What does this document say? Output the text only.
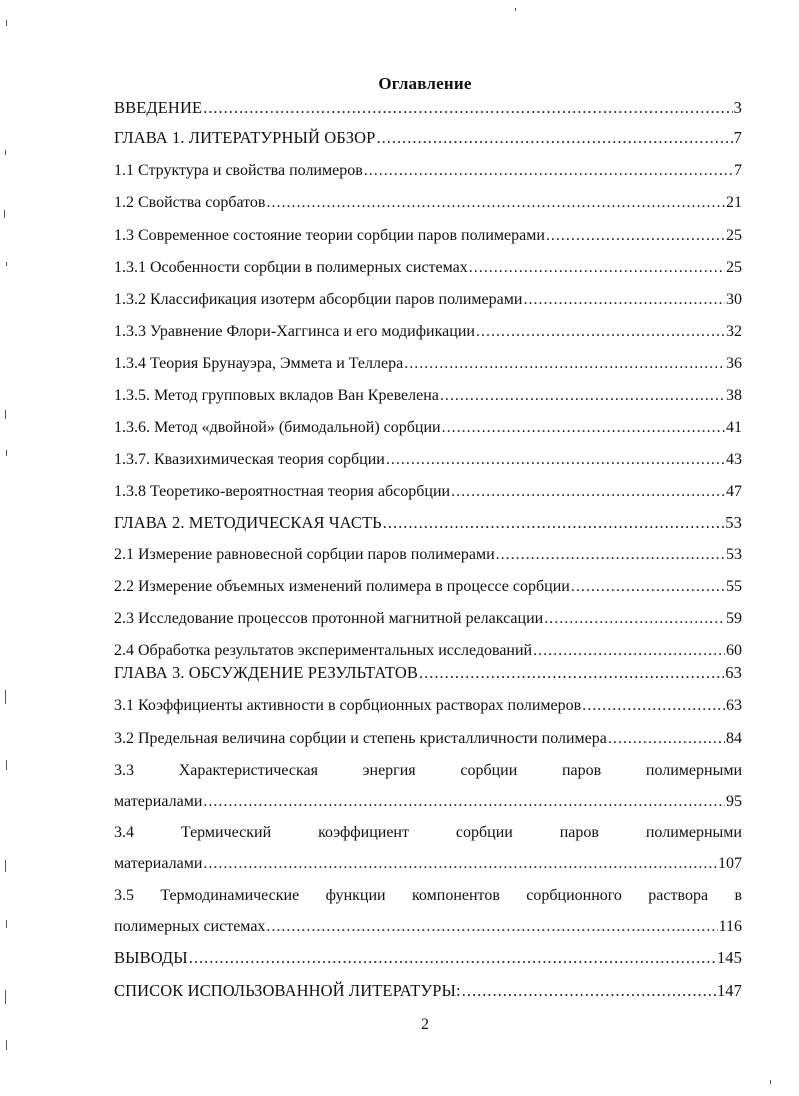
Оглавление
ВВЕДЕНИЕ .....	3
ГЛАВА 1. ЛИТЕРАТУРНЫЙ ОБЗОР .....	7
1.1 Структура и свойства полимеров .....	7
1.2 Свойства сорбатов .....	21
1.3 Современное состояние теории сорбции паров полимерами .....	25
1.3.1 Особенности сорбции в полимерных системах .....	25
1.3.2 Классификация изотерм абсорбции паров полимерами .....	30
1.3.3 Уравнение Флори-Хаггинса и его модификации .....	32
1.3.4 Теория Брунауэра, Эммета и Теллера .....	36
1.3.5. Метод групповых вкладов Ван Кревелена .....	38
1.3.6. Метод «двойной» (бимодальной) сорбции .....	41
1.3.7. Квазихимическая теория сорбции .....	43
1.3.8 Теоретико-вероятностная теория абсорбции .....	47
ГЛАВА 2. МЕТОДИЧЕСКАЯ ЧАСТЬ .....	53
2.1 Измерение равновесной сорбции паров полимерами .....	53
2.2 Измерение объемных изменений полимера в процессе сорбции .....	55
2.3 Исследование процессов протонной магнитной релаксации .....	59
2.4 Обработка результатов экспериментальных исследований .....	60
ГЛАВА 3. ОБСУЖДЕНИЕ РЕЗУЛЬТАТОВ .....	63
3.1 Коэффициенты активности в сорбционных растворах полимеров .....	63
3.2 Предельная величина сорбции и степень кристалличности полимера .....	84
3.3 Характеристическая энергия сорбции паров полимерными
материалами .....	95
3.4 Термический коэффициент сорбции паров полимерными
материалами .....	107
3.5 Термодинамические функции компонентов сорбционного раствора в
полимерных системах .....	116
ВЫВОДЫ .....	145
СПИСОК ИСПОЛЬЗОВАННОЙ ЛИТЕРАТУРЫ: .....	147
2
